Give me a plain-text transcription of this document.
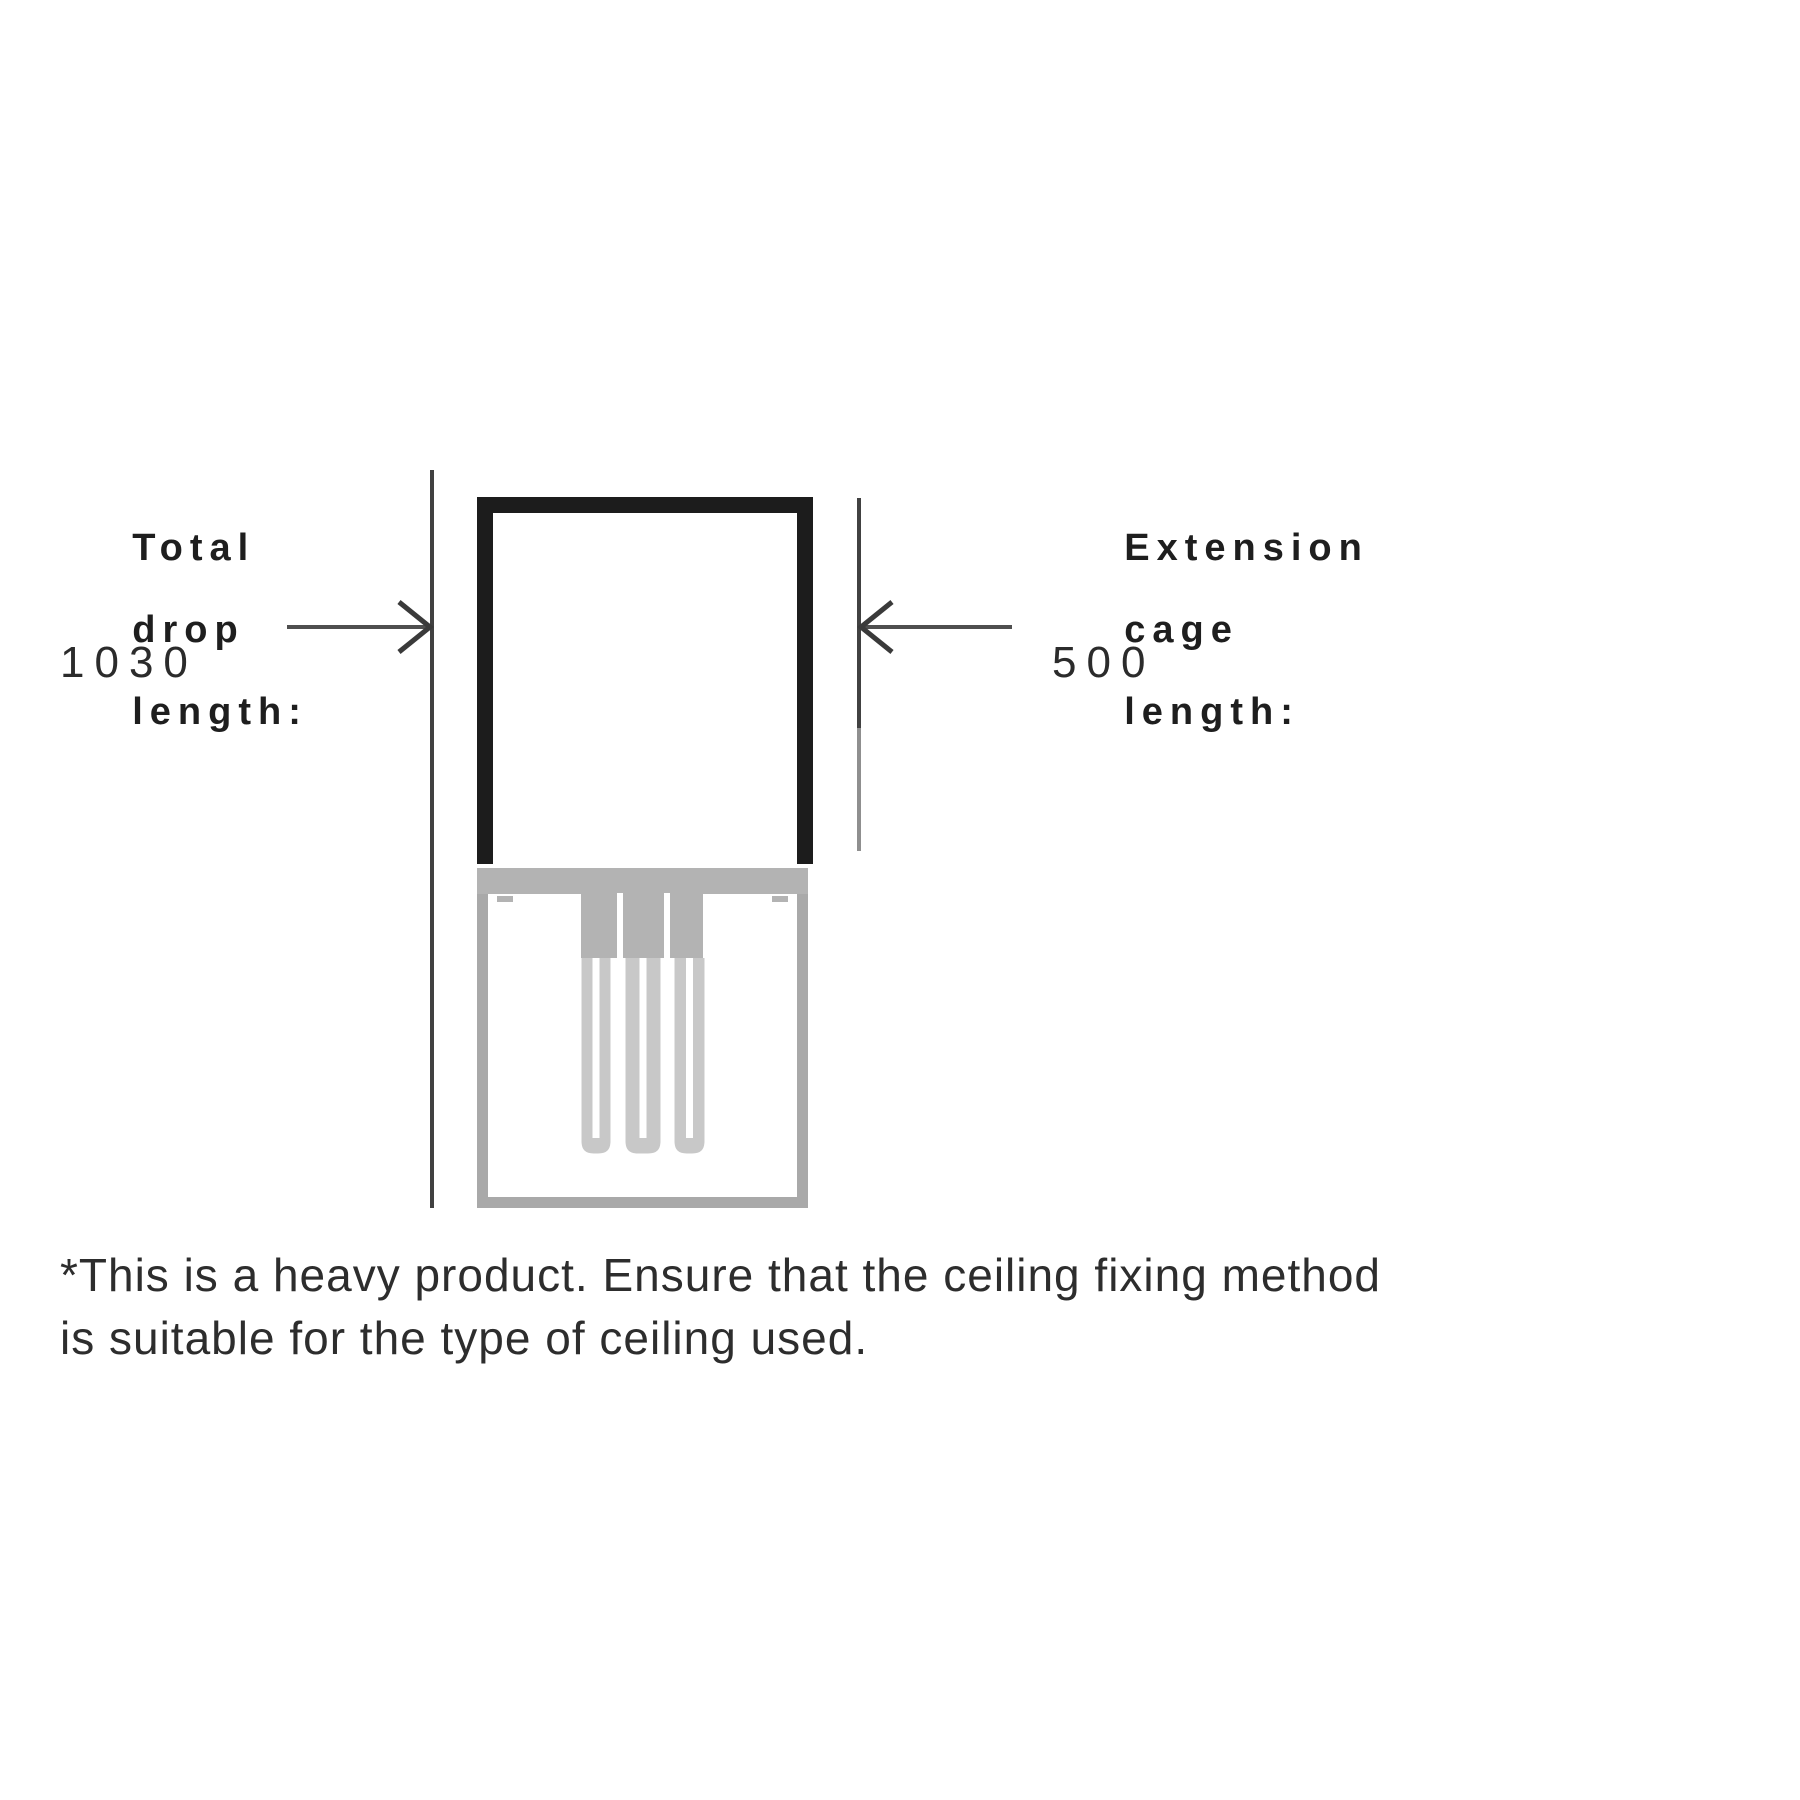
Total

drop

length:

1030

Extension

cage

length:

500
*This is a heavy product. Ensure that the ceiling fixing method
is suitable for the type of ceiling used.
